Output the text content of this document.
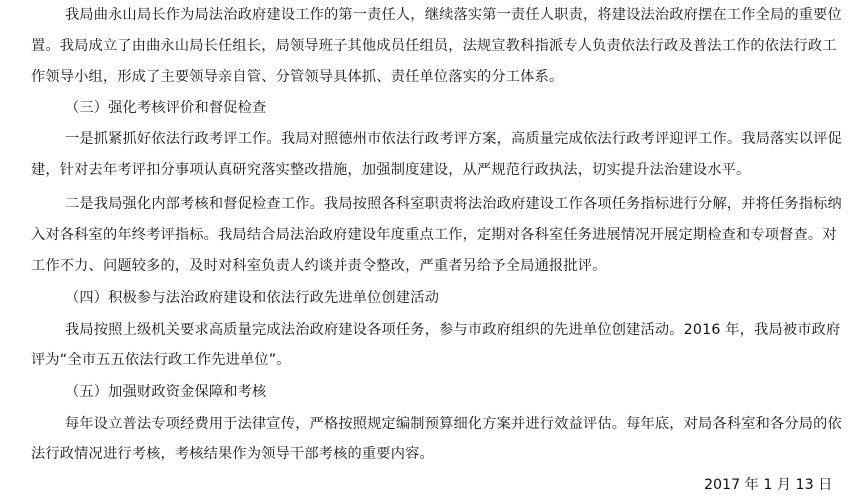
我局曲永山局长作为局法治政府建设工作的第一责任人，继续落实第一责任人职责，将建设法治政府摆在工作全局的重要位
置。我局成立了由曲永山局长任组长，局领导班子其他成员任组员，法规宣教科指派专人负责依法行政及普法工作的依法行政工
作领导小组，形成了主要领导亲自管、分管领导具体抓、责任单位落实的分工体系。
（三）强化考核评价和督促检查
一是抓紧抓好依法行政考评工作。我局对照德州市依法行政考评方案，高质量完成依法行政考评迎评工作。我局落实以评促
建，针对去年考评扣分事项认真研究落实整改措施，加强制度建设，从严规范行政执法，切实提升法治建设水平。
二是我局强化内部考核和督促检查工作。我局按照各科室职责将法治政府建设工作各项任务指标进行分解，并将任务指标纳
入对各科室的年终考评指标。我局结合局法治政府建设年度重点工作，定期对各科室任务进展情况开展定期检查和专项督查。对
工作不力、问题较多的，及时对科室负责人约谈并责令整改，严重者另给予全局通报批评。
（四）积极参与法治政府建设和依法行政先进单位创建活动
我局按照上级机关要求高质量完成法治政府建设各项任务，参与市政府组织的先进单位创建活动。2016 年，我局被市政府
评为“全市五五依法行政工作先进单位”。
（五）加强财政资金保障和考核
每年设立普法专项经费用于法律宣传，严格按照规定编制预算细化方案并进行效益评估。每年底，对局各科室和各分局的依
法行政情况进行考核，考核结果作为领导干部考核的重要内容。
2017 年 1 月 13 日
